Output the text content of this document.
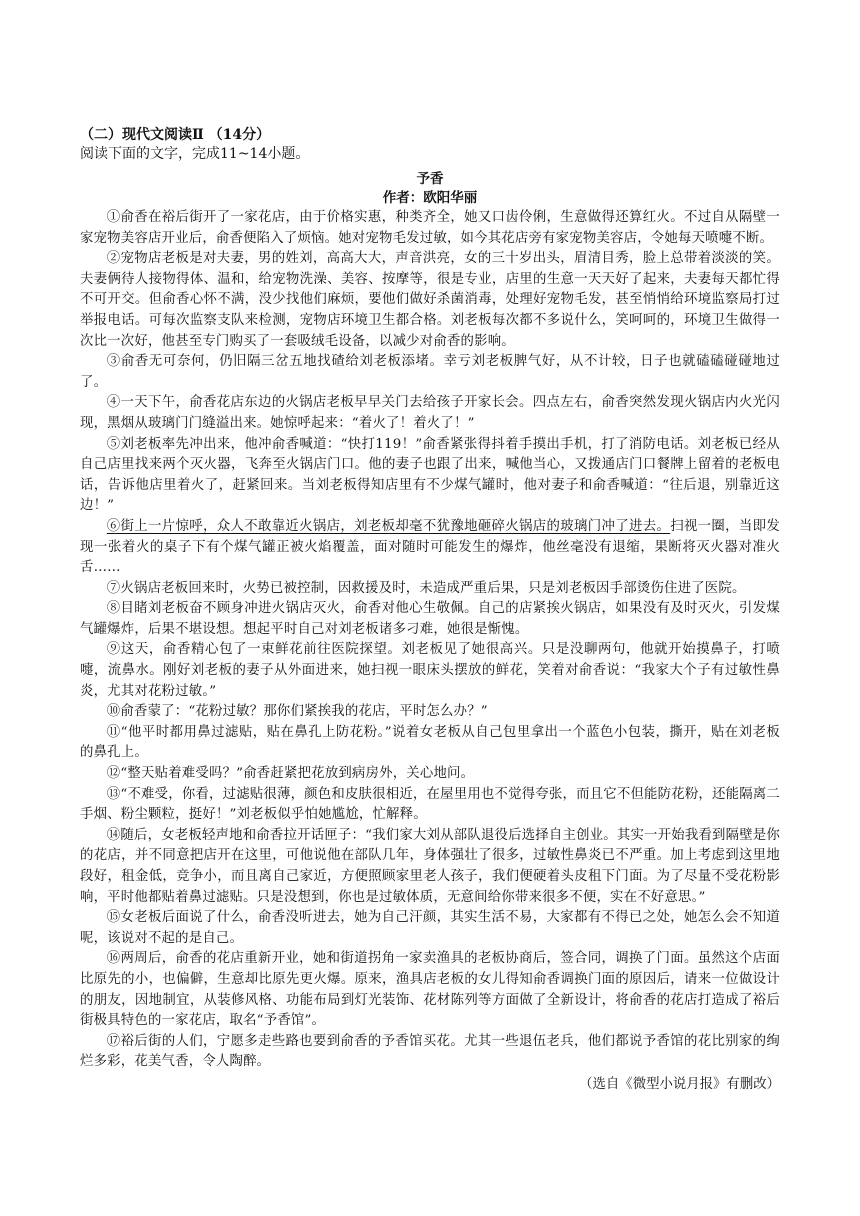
（二）现代文阅读Ⅱ （14分）

阅读下面的文字，完成11~14小题。

予香

作者：欧阳华丽

①俞香在裕后街开了一家花店，由于价格实惠，种类齐全，她又口齿伶俐，生意做得还算红火。不过自从隔壁一家宠物美容店开业后，俞香便陷入了烦恼。她对宠物毛发过敏，如今其花店旁有家宠物美容店，令她每天喷嚏不断。

②宠物店老板是对夫妻，男的姓刘，高高大大，声音洪亮，女的三十岁出头，眉清目秀，脸上总带着淡淡的笑。夫妻俩待人接物得体、温和，给宠物洗澡、美容、按摩等，很是专业，店里的生意一天天好了起来，夫妻每天都忙得不可开交。但俞香心怀不满，没少找他们麻烦，要他们做好杀菌消毒，处理好宠物毛发，甚至悄悄给环境监察局打过举报电话。可每次监察支队来检测，宠物店环境卫生都合格。刘老板每次都不多说什么，笑呵呵的，环境卫生做得一次比一次好，他甚至专门购买了一套吸绒毛设备，以减少对俞香的影响。

③俞香无可奈何，仍旧隔三岔五地找碴给刘老板添堵。幸亏刘老板脾气好，从不计较，日子也就磕磕碰碰地过了。

④一天下午，俞香花店东边的火锅店老板早早关门去给孩子开家长会。四点左右，俞香突然发现火锅店内火光闪现，黑烟从玻璃门门缝溢出来。她惊呼起来：“着火了！着火了！”

⑤刘老板率先冲出来，他冲俞香喊道：“快打119！”俞香紧张得抖着手摸出手机，打了消防电话。刘老板已经从自己店里找来两个灭火器，飞奔至火锅店门口。他的妻子也跟了出来，喊他当心，又拨通店门口餐牌上留着的老板电话，告诉他店里着火了，赶紧回来。当刘老板得知店里有不少煤气罐时，他对妻子和俞香喊道：“往后退，别靠近这边！”

⑥街上一片惊呼，众人不敢靠近火锅店，刘老板却毫不犹豫地砸碎火锅店的玻璃门冲了进去。扫视一圈，当即发现一张着火的桌子下有个煤气罐正被火焰覆盖，面对随时可能发生的爆炸，他丝毫没有退缩，果断将灭火器对准火舌……

⑦火锅店老板回来时，火势已被控制，因救援及时，未造成严重后果，只是刘老板因手部烫伤住进了医院。

⑧目睹刘老板奋不顾身冲进火锅店灭火，俞香对他心生敬佩。自己的店紧挨火锅店，如果没有及时灭火，引发煤气罐爆炸，后果不堪设想。想起平时自己对刘老板诸多刁难，她很是惭愧。

⑨这天，俞香精心包了一束鲜花前往医院探望。刘老板见了她很高兴。只是没聊两句，他就开始摸鼻子，打喷嚏，流鼻水。刚好刘老板的妻子从外面进来，她扫视一眼床头摆放的鲜花，笑着对俞香说：“我家大个子有过敏性鼻炎，尤其对花粉过敏。”

⑩俞香蒙了：“花粉过敏？那你们紧挨我的花店，平时怎么办？”

⑪“他平时都用鼻过滤贴，贴在鼻孔上防花粉。”说着女老板从自己包里拿出一个蓝色小包装，撕开，贴在刘老板的鼻孔上。

⑫“整天贴着难受吗？”俞香赶紧把花放到病房外，关心地问。

⑬“不难受，你看，过滤贴很薄，颜色和皮肤很相近，在屋里用也不觉得夸张，而且它不但能防花粉，还能隔离二手烟、粉尘颗粒，挺好！”刘老板似乎怕她尴尬，忙解释。

⑭随后，女老板轻声地和俞香拉开话匣子：“我们家大刘从部队退役后选择自主创业。其实一开始我看到隔壁是你的花店，并不同意把店开在这里，可他说他在部队几年，身体强壮了很多，过敏性鼻炎已不严重。加上考虑到这里地段好，租金低，竞争小，而且离自己家近，方便照顾家里老人孩子，我们便硬着头皮租下门面。为了尽量不受花粉影响，平时他都贴着鼻过滤贴。只是没想到，你也是过敏体质，无意间给你带来很多不便，实在不好意思。”

⑮女老板后面说了什么，俞香没听进去，她为自己汗颜，其实生活不易，大家都有不得已之处，她怎么会不知道呢，该说对不起的是自己。

⑯两周后，俞香的花店重新开业，她和街道拐角一家卖渔具的老板协商后，签合同，调换了门面。虽然这个店面比原先的小，也偏僻，生意却比原先更火爆。原来，渔具店老板的女儿得知俞香调换门面的原因后，请来一位做设计的朋友，因地制宜，从装修风格、功能布局到灯光装饰、花材陈列等方面做了全新设计，将俞香的花店打造成了裕后街极具特色的一家花店，取名“予香馆”。

⑰裕后街的人们，宁愿多走些路也要到俞香的予香馆买花。尤其一些退伍老兵，他们都说予香馆的花比别家的绚烂多彩，花美气香，令人陶醉。

（选自《微型小说月报》有删改）
